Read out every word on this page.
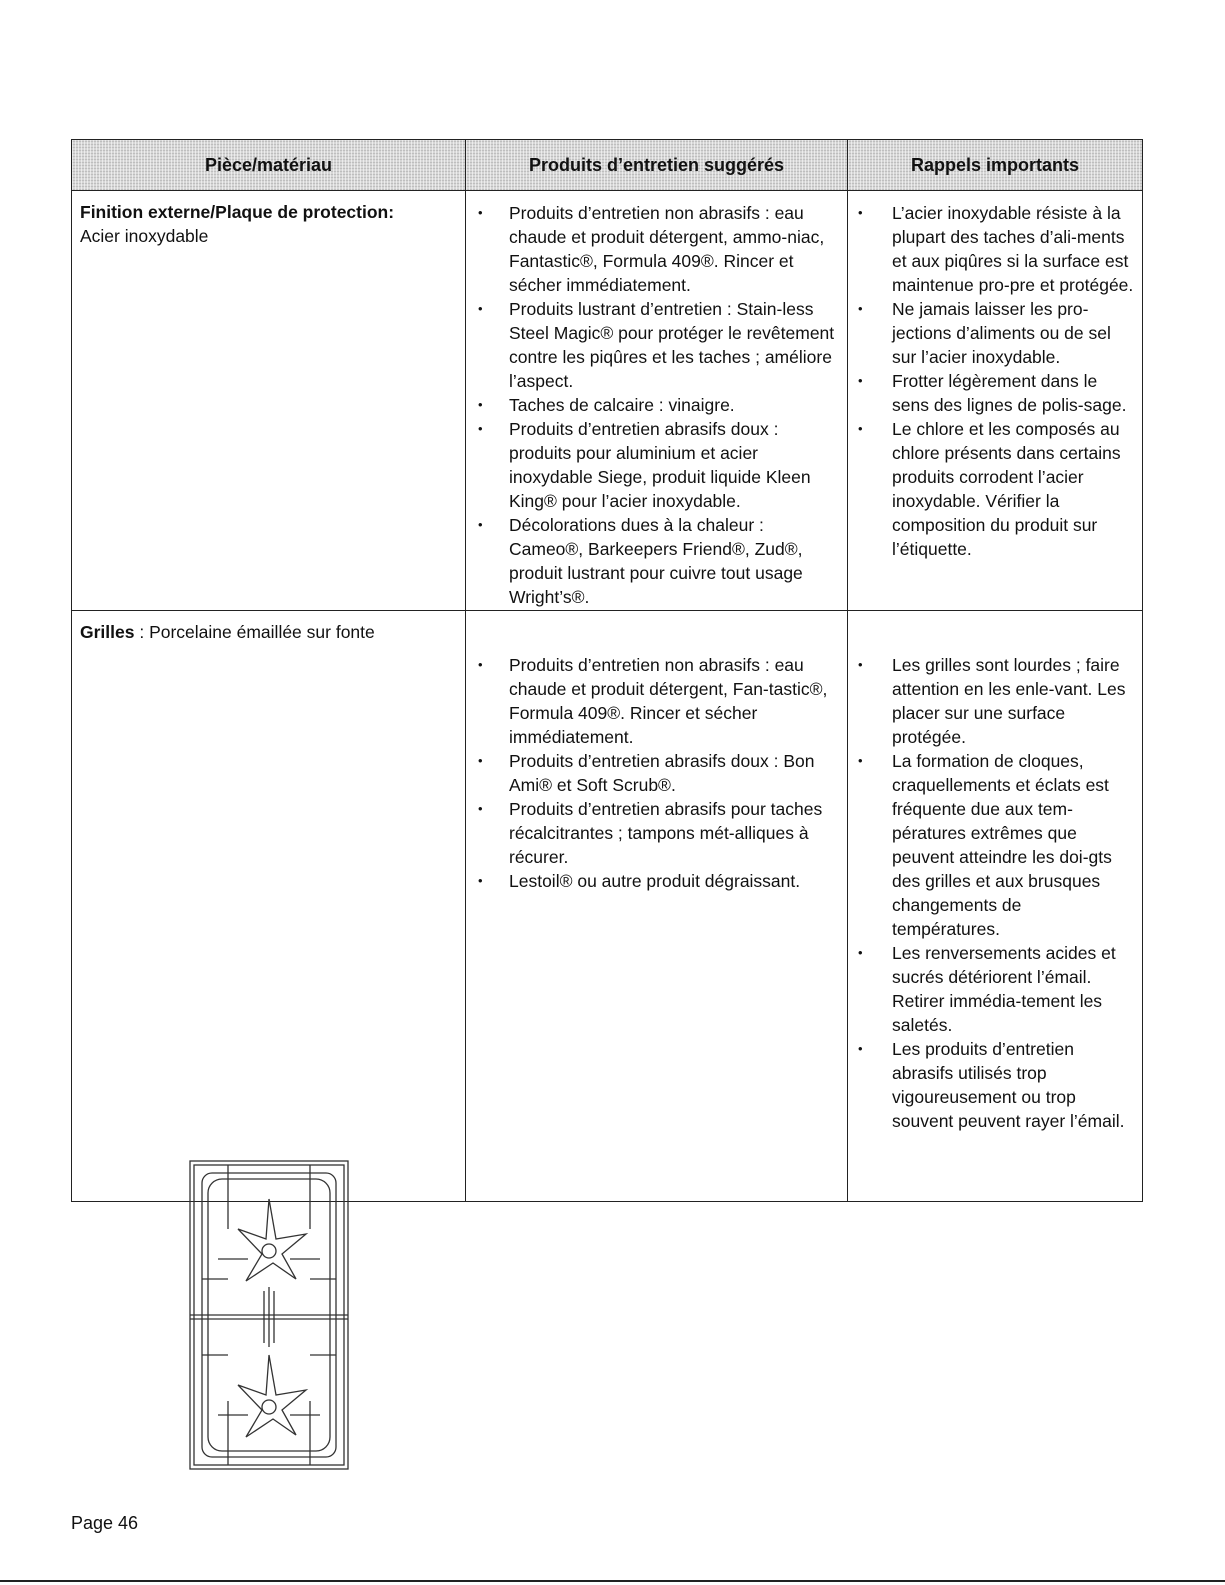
Pièce/matériau	Produits d’entretien suggérés	Rappels importants
Finition externe/Plaque de protection:
Acier inoxydable
• Produits d’entretien non abrasifs : eau chaude et produit détergent, ammo-niac, Fantastic®, Formula 409®. Rincer et sécher immédiatement.
• Produits lustrant d’entretien : Stain-less Steel Magic® pour protéger le revêtement contre les piqûres et les taches ; améliore l’aspect.
• Taches de calcaire : vinaigre.
• Produits d’entretien abrasifs doux : produits pour aluminium et acier inoxydable Siege, produit liquide Kleen King® pour l’acier inoxydable.
• Décolorations dues à la chaleur : Cameo®, Barkeepers Friend®, Zud®, produit lustrant pour cuivre tout usage Wright’s®.
• L’acier inoxydable résiste à la plupart des taches d’ali-ments et aux piqûres si la surface est maintenue pro-pre et protégée.
• Ne jamais laisser les pro-jections d’aliments ou de sel sur l’acier inoxydable.
• Frotter légèrement dans le sens des lignes de polis-sage.
• Le chlore et les composés au chlore présents dans certains produits corrodent l’acier inoxydable. Vérifier la composition du produit sur l’étiquette.
Grilles : Porcelaine émaillée sur fonte
• Produits d’entretien non abrasifs : eau chaude et produit détergent, Fan-tastic®, Formula 409®. Rincer et sécher immédiatement.
• Produits d’entretien abrasifs doux : Bon Ami® et Soft Scrub®.
• Produits d’entretien abrasifs pour taches récalcitrantes ; tampons mét-alliques à récurer.
• Lestoil® ou autre produit dégraissant.
• Les grilles sont lourdes ; faire attention en les enle-vant. Les placer sur une surface protégée.
• La formation de cloques, craquellements et éclats est fréquente due aux tem-pératures extrêmes que peuvent atteindre les doi-gts des grilles et aux brusques changements de températures.
• Les renversements acides et sucrés détériorent l’émail. Retirer immédia-tement les saletés.
• Les produits d’entretien abrasifs utilisés trop vigoureusement ou trop souvent peuvent rayer l’émail.
Page 46
